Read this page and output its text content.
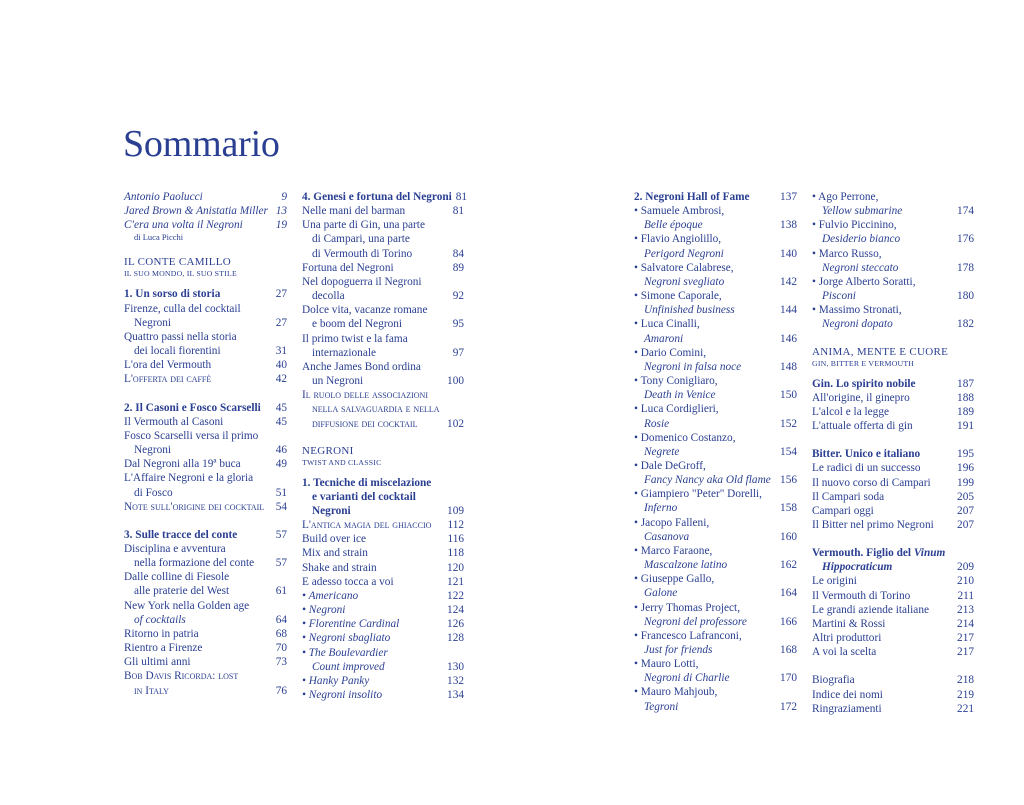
Sommario
Antonio Paolucci	9
Jared Brown & Anistatia Miller 13
C'era una volta il Negroni	19
di Luca Picchi
IL CONTE CAMILLO
IL SUO MONDO, IL SUO STILE
1. Un sorso di storia	27
Firenze, culla del cocktail
Negroni	27
Quattro passi nella storia
dei locali fiorentini	31
L'ora del Vermouth	40
L'offerta dei caffè	42
2. Il Casoni e Fosco Scarselli 45
Il Vermouth al Casoni	45
Fosco Scarselli versa il primo
Negroni	46
Dal Negroni alla 19ª buca	49
L'Affaire Negroni e la gloria
di Fosco	51
Note sull'origine dei cocktail 54
3. Sulle tracce del conte	57
Disciplina e avventura
nella formazione del conte 57
Dalle colline di Fiesole
alle praterie del West	61
New York nella Golden age
of cocktails	64
Ritorno in patria	68
Rientro a Firenze	70
Gli ultimi anni	73
Bob Davis Ricorda: lost
in Italy	76
4. Genesi e fortuna del Negroni 81
Nelle mani del barman	81
Una parte di Gin, una parte
di Campari, una parte
di Vermouth di Torino	84
Fortuna del Negroni	89
Nel dopoguerra il Negroni
decolla	92
Dolce vita, vacanze romane
e boom del Negroni	95
Il primo twist e la fama
internazionale	97
Anche James Bond ordina
un Negroni	100
Il ruolo delle associazioni
nella salvaguardia e nella
diffusione dei cocktail	102
NEGRONI
TWIST AND CLASSIC
1. Tecniche di miscelazione
e varianti del cocktail
Negroni	109
L'antica magia del ghiaccio 112
Build over ice	116
Mix and strain	118
Shake and strain	120
E adesso tocca a voi	121
• Americano	122
• Negroni	124
• Florentine Cardinal	126
• Negroni sbagliato	128
• The Boulevardier
Count improved	130
• Hanky Panky	132
• Negroni insolito	134
2. Negroni Hall of Fame	137
• Samuele Ambrosi,
Belle époque	138
• Flavio Angiolillo,
Perigord Negroni	140
• Salvatore Calabrese,
Negroni svegliato	142
• Simone Caporale,
Unfinished business	144
• Luca Cinalli,
Amaroni	146
• Dario Comini,
Negroni in falsa noce	148
• Tony Conigliaro,
Death in Venice	150
• Luca Cordiglieri,
Rosie	152
• Domenico Costanzo,
Negrete	154
• Dale DeGroff,
Fancy Nancy aka Old flame 156
• Giampiero "Peter" Dorelli,
Inferno	158
• Jacopo Falleni,
Casanova	160
• Marco Faraone,
Mascalzone latino	162
• Giuseppe Gallo,
Galone	164
• Jerry Thomas Project,
Negroni del professore	166
• Francesco Lafranconi,
Just for friends	168
• Mauro Lotti,
Negroni di Charlie	170
• Mauro Mahjoub,
Tegroni	172
• Ago Perrone,
Yellow submarine	174
• Fulvio Piccinino,
Desiderio bianco	176
• Marco Russo,
Negroni steccato	178
• Jorge Alberto Soratti,
Pisconi	180
• Massimo Stronati,
Negroni dopato	182
ANIMA, MENTE E CUORE
GIN, BITTER E VERMOUTH
Gin. Lo spirito nobile	187
All'origine, il ginepro	188
L'alcol e la legge	189
L'attuale offerta di gin	191
Bitter. Unico e italiano	195
Le radici di un successo	196
Il nuovo corso di Campari 199
Il Campari soda	205
Campari oggi	207
Il Bitter nel primo Negroni 207
Vermouth. Figlio del Vinum
Hippocraticum	209
Le origini	210
Il Vermouth di Torino	211
Le grandi aziende italiane 213
Martini & Rossi	214
Altri produttori	217
A voi la scelta	217
Biografia	218
Indice dei nomi	219
Ringraziamenti	221
